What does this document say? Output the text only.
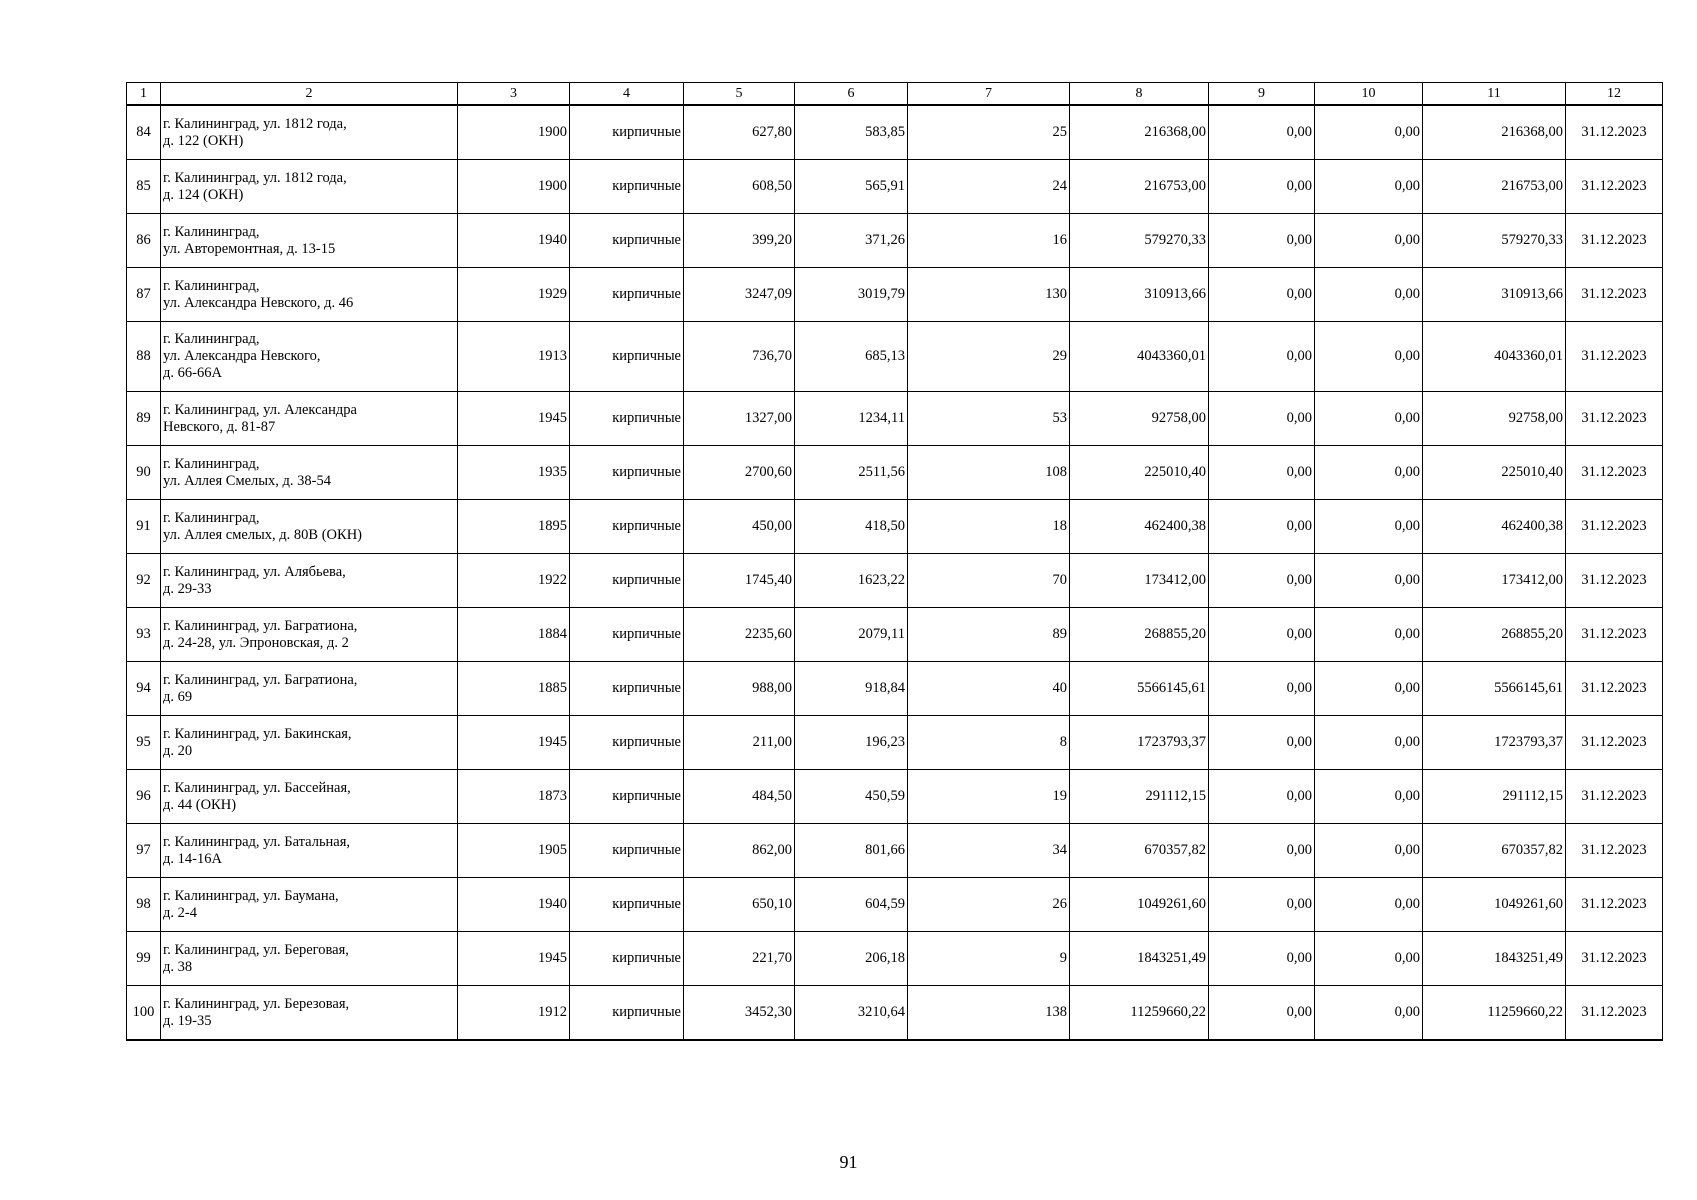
1	2	3	4	5	6	7	8	9	10	11	12
84	г. Калининград, ул. 1812 года,
д. 122 (ОКН)	1900	кирпичные	627,80	583,85	25	216368,00	0,00	0,00	216368,00	31.12.2023
85	г. Калининград, ул. 1812 года,
д. 124 (ОКН)	1900	кирпичные	608,50	565,91	24	216753,00	0,00	0,00	216753,00	31.12.2023
86	г. Калининград,
ул. Авторемонтная, д. 13-15	1940	кирпичные	399,20	371,26	16	579270,33	0,00	0,00	579270,33	31.12.2023
87	г. Калининград,
ул. Александра Невского, д. 46	1929	кирпичные	3247,09	3019,79	130	310913,66	0,00	0,00	310913,66	31.12.2023
88	г. Калининград,
ул. Александра Невского,
д. 66-66А	1913	кирпичные	736,70	685,13	29	4043360,01	0,00	0,00	4043360,01	31.12.2023
89	г. Калининград, ул. Александра
Невского, д. 81-87	1945	кирпичные	1327,00	1234,11	53	92758,00	0,00	0,00	92758,00	31.12.2023
90	г. Калининград,
ул. Аллея Смелых, д. 38-54	1935	кирпичные	2700,60	2511,56	108	225010,40	0,00	0,00	225010,40	31.12.2023
91	г. Калининград,
ул. Аллея смелых, д. 80В (ОКН)	1895	кирпичные	450,00	418,50	18	462400,38	0,00	0,00	462400,38	31.12.2023
92	г. Калининград, ул. Алябьева,
д. 29-33	1922	кирпичные	1745,40	1623,22	70	173412,00	0,00	0,00	173412,00	31.12.2023
93	г. Калининград, ул. Багратиона,
д. 24-28, ул. Эпроновская, д. 2	1884	кирпичные	2235,60	2079,11	89	268855,20	0,00	0,00	268855,20	31.12.2023
94	г. Калининград, ул. Багратиона,
д. 69	1885	кирпичные	988,00	918,84	40	5566145,61	0,00	0,00	5566145,61	31.12.2023
95	г. Калининград, ул. Бакинская,
д. 20	1945	кирпичные	211,00	196,23	8	1723793,37	0,00	0,00	1723793,37	31.12.2023
96	г. Калининград, ул. Бассейная,
д. 44 (ОКН)	1873	кирпичные	484,50	450,59	19	291112,15	0,00	0,00	291112,15	31.12.2023
97	г. Калининград, ул. Батальная,
д. 14-16А	1905	кирпичные	862,00	801,66	34	670357,82	0,00	0,00	670357,82	31.12.2023
98	г. Калининград, ул. Баумана,
д. 2-4	1940	кирпичные	650,10	604,59	26	1049261,60	0,00	0,00	1049261,60	31.12.2023
99	г. Калининград, ул. Береговая,
д. 38	1945	кирпичные	221,70	206,18	9	1843251,49	0,00	0,00	1843251,49	31.12.2023
100	г. Калининград, ул. Березовая,
д. 19-35	1912	кирпичные	3452,30	3210,64	138	11259660,22	0,00	0,00	11259660,22	31.12.2023
91
